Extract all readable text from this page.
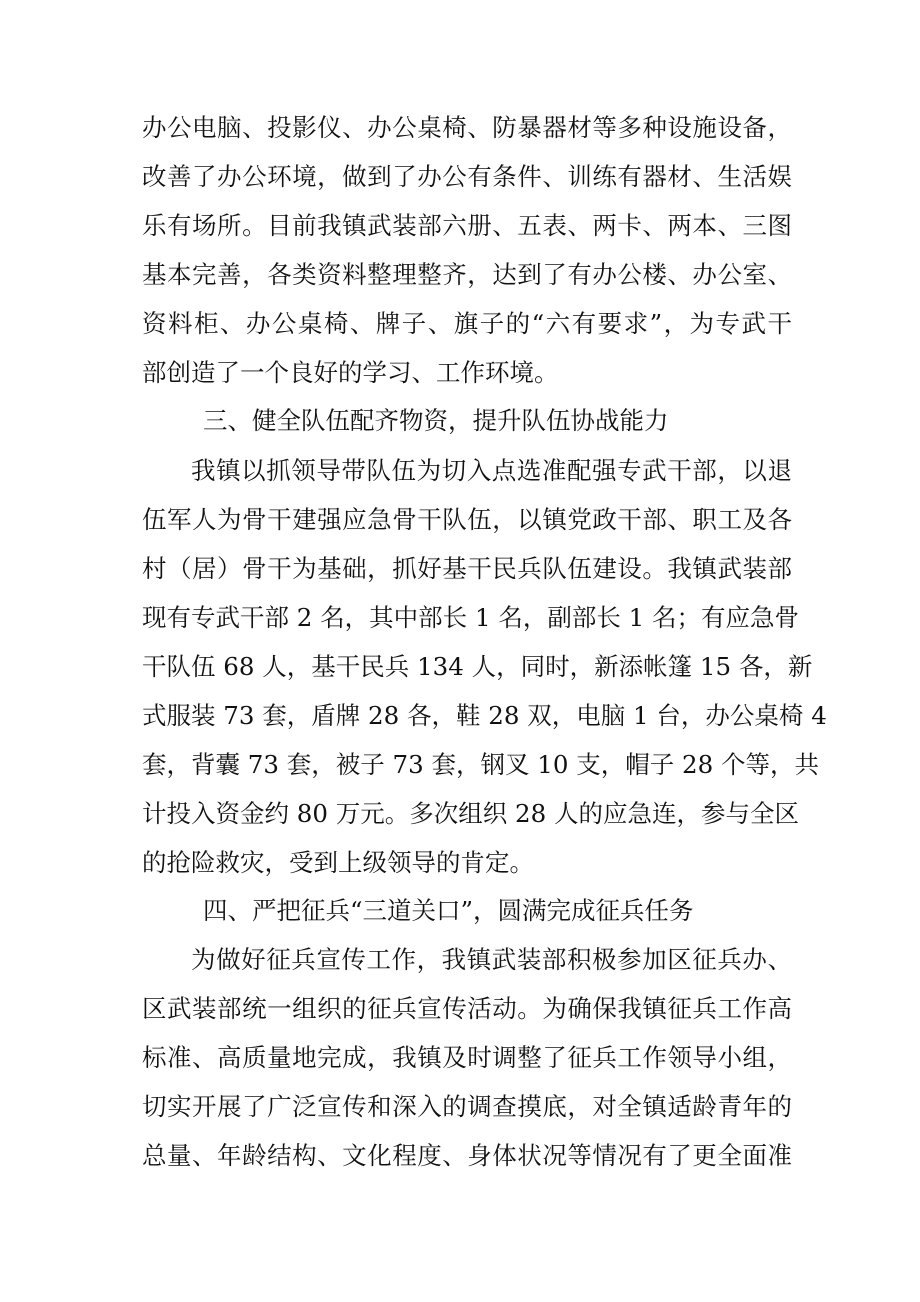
办公电脑、投影仪、办公桌椅、防暴器材等多种设施设备，
改善了办公环境，做到了办公有条件、训练有器材、生活娱
乐有场所。目前我镇武装部六册、五表、两卡、两本、三图
基本完善，各类资料整理整齐，达到了有办公楼、办公室、
资料柜、办公桌椅、牌子、旗子的“六有要求”，为专武干
部创造了一个良好的学习、工作环境。
三、健全队伍配齐物资，提升队伍协战能力
我镇以抓领导带队伍为切入点选准配强专武干部，以退
伍军人为骨干建强应急骨干队伍，以镇党政干部、职工及各
村（居）骨干为基础，抓好基干民兵队伍建设。我镇武装部
现有专武干部 2 名，其中部长 1 名，副部长 1 名；有应急骨
干队伍 68 人，基干民兵 134 人，同时，新添帐篷 15 各，新
式服装 73 套，盾牌 28 各，鞋 28 双，电脑 1 台，办公桌椅 4
套，背囊 73 套，被子 73 套，钢叉 10 支，帽子 28 个等，共
计投入资金约 80 万元。多次组织 28 人的应急连，参与全区
的抢险救灾，受到上级领导的肯定。
四、严把征兵“三道关口”，圆满完成征兵任务
为做好征兵宣传工作，我镇武装部积极参加区征兵办、
区武装部统一组织的征兵宣传活动。为确保我镇征兵工作高
标准、高质量地完成，我镇及时调整了征兵工作领导小组，
切实开展了广泛宣传和深入的调查摸底，对全镇适龄青年的
总量、年龄结构、文化程度、身体状况等情况有了更全面准
